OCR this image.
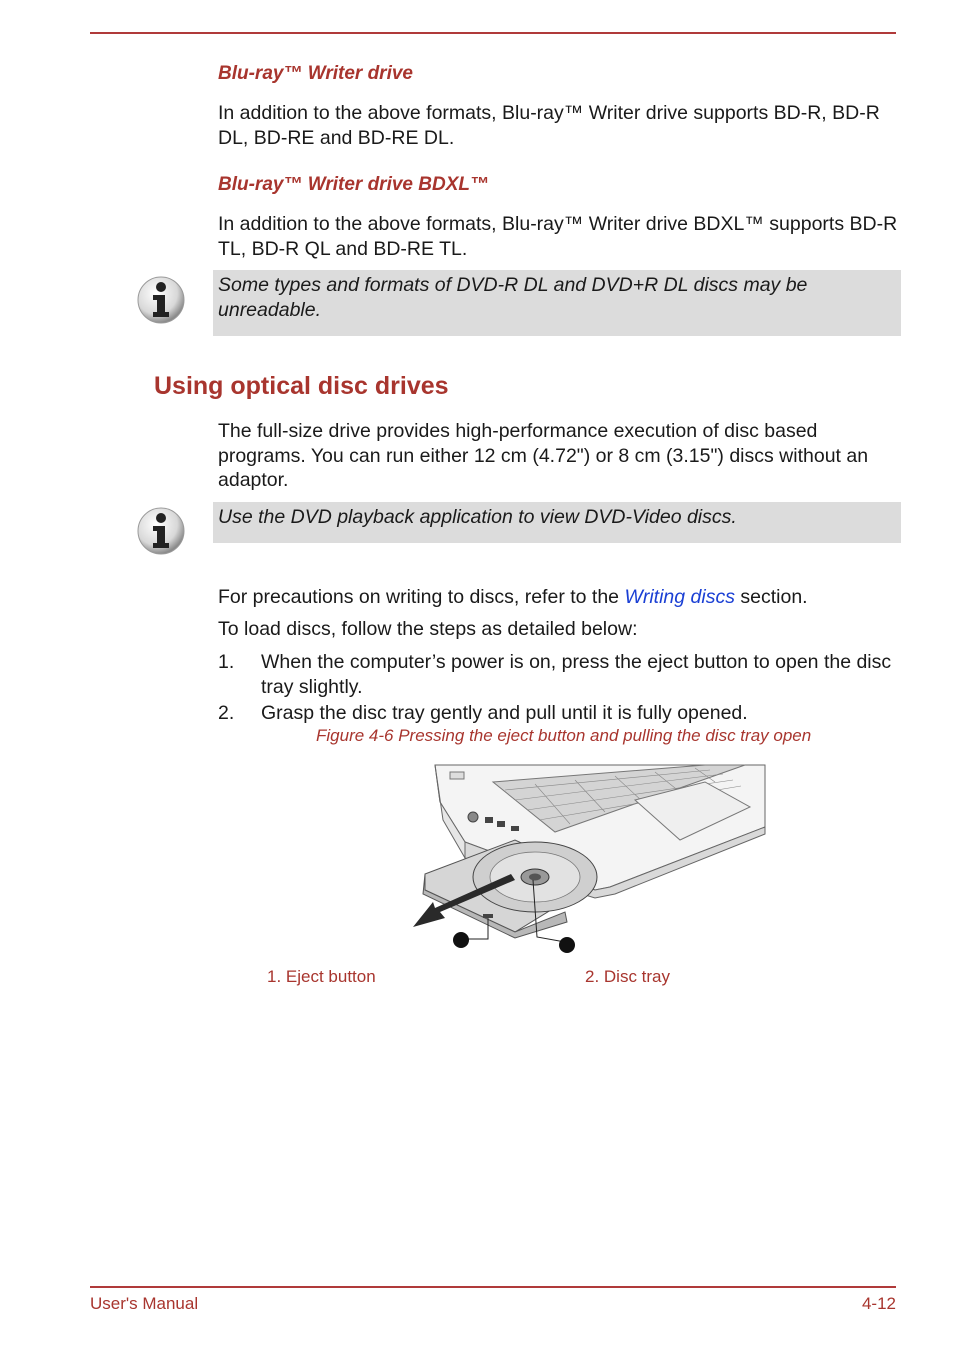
Blu-ray™ Writer drive

In addition to the above formats, Blu-ray™ Writer drive supports BD-R, BD-R DL, BD-RE and BD-RE DL.

Blu-ray™ Writer drive BDXL™

In addition to the above formats, Blu-ray™ Writer drive BDXL™ supports BD-R TL, BD-R QL and BD-RE TL.

Some types and formats of DVD-R DL and DVD+R DL discs may be unreadable.

Using optical disc drives

The full-size drive provides high-performance execution of disc based programs. You can run either 12 cm (4.72") or 8 cm (3.15") discs without an adaptor.

Use the DVD playback application to view DVD-Video discs.

For precautions on writing to discs, refer to the Writing discs section.

To load discs, follow the steps as detailed below:

1. When the computer’s power is on, press the eject button to open the disc tray slightly.

2. Grasp the disc tray gently and pull until it is fully opened.

Figure 4-6 Pressing the eject button and pulling the disc tray open
1. Eject button	2. Disc tray
User's Manual	4-12
